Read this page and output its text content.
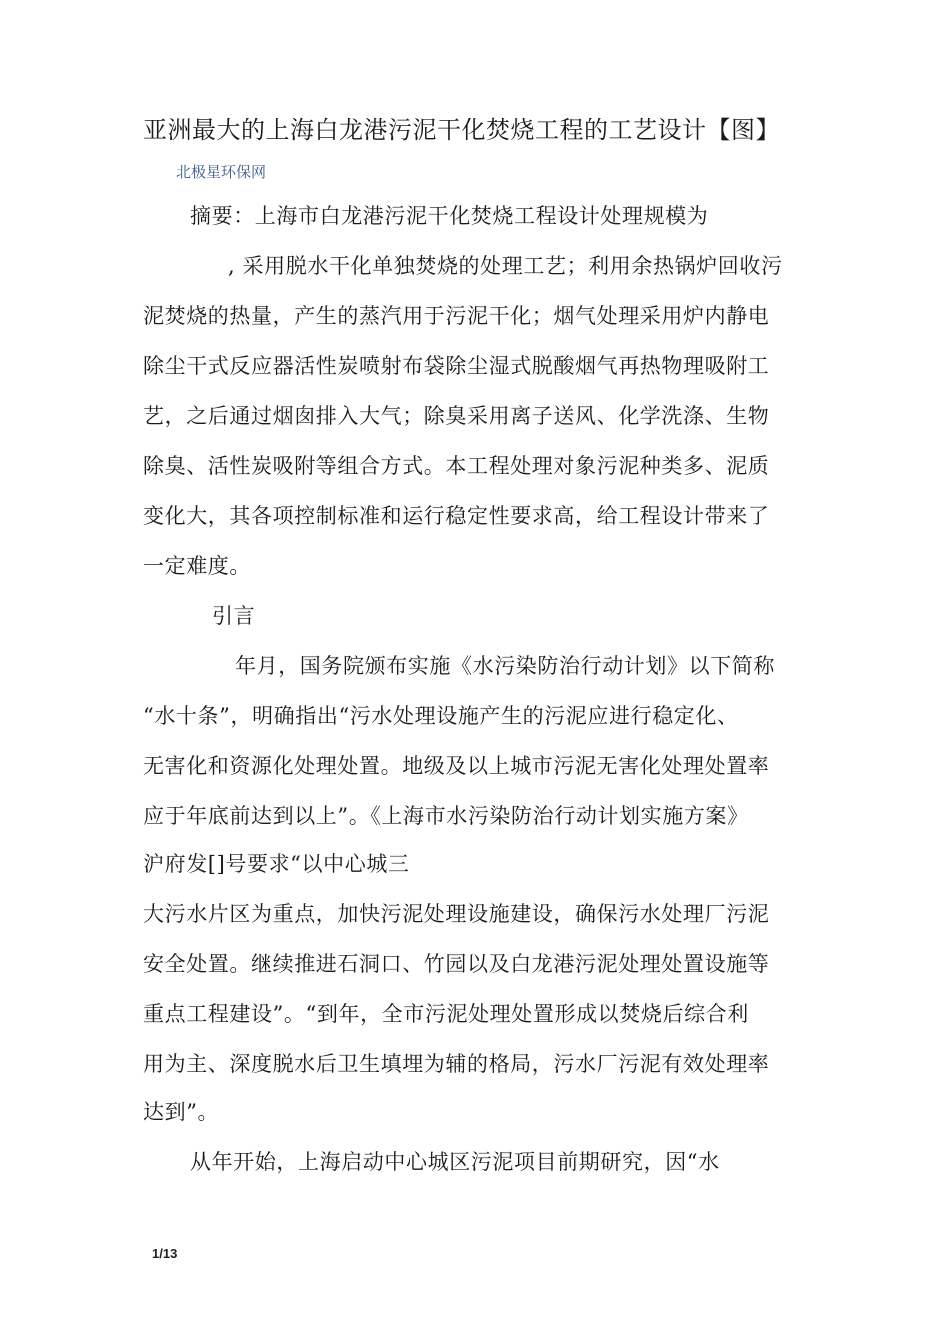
亚洲最大的上海白龙港污泥干化焚烧工程的工艺设计【图】
北极星环保网
摘要：上海市白龙港污泥干化焚烧工程设计处理规模为
, 采用脱水干化单独焚烧的处理工艺；利用余热锅炉回收污
泥焚烧的热量，产生的蒸汽用于污泥干化；烟气处理采用炉内静电
除尘干式反应器活性炭喷射布袋除尘湿式脱酸烟气再热物理吸附工
艺，之后通过烟囱排入大气；除臭采用离子送风、化学洗涤、生物
除臭、活性炭吸附等组合方式。本工程处理对象污泥种类多、泥质
变化大，其各项控制标准和运行稳定性要求高，给工程设计带来了
一定难度。
引言
年月，国务院颁布实施《水污染防治行动计划》以下简称
“水十条”，明确指出“污水处理设施产生的污泥应进行稳定化、
无害化和资源化处理处置。地级及以上城市污泥无害化处理处置率
应于年底前达到以上”。《上海市水污染防治行动计划实施方案》
沪府发[]号要求“以中心城三
大污水片区为重点，加快污泥处理设施建设，确保污水处理厂污泥
安全处置。继续推进石洞口、竹园以及白龙港污泥处理处置设施等
重点工程建设”。“到年，全市污泥处理处置形成以焚烧后综合利
用为主、深度脱水后卫生填埋为辅的格局，污水厂污泥有效处理率
达到”。
从年开始，上海启动中心城区污泥项目前期研究，因“水
1/13
